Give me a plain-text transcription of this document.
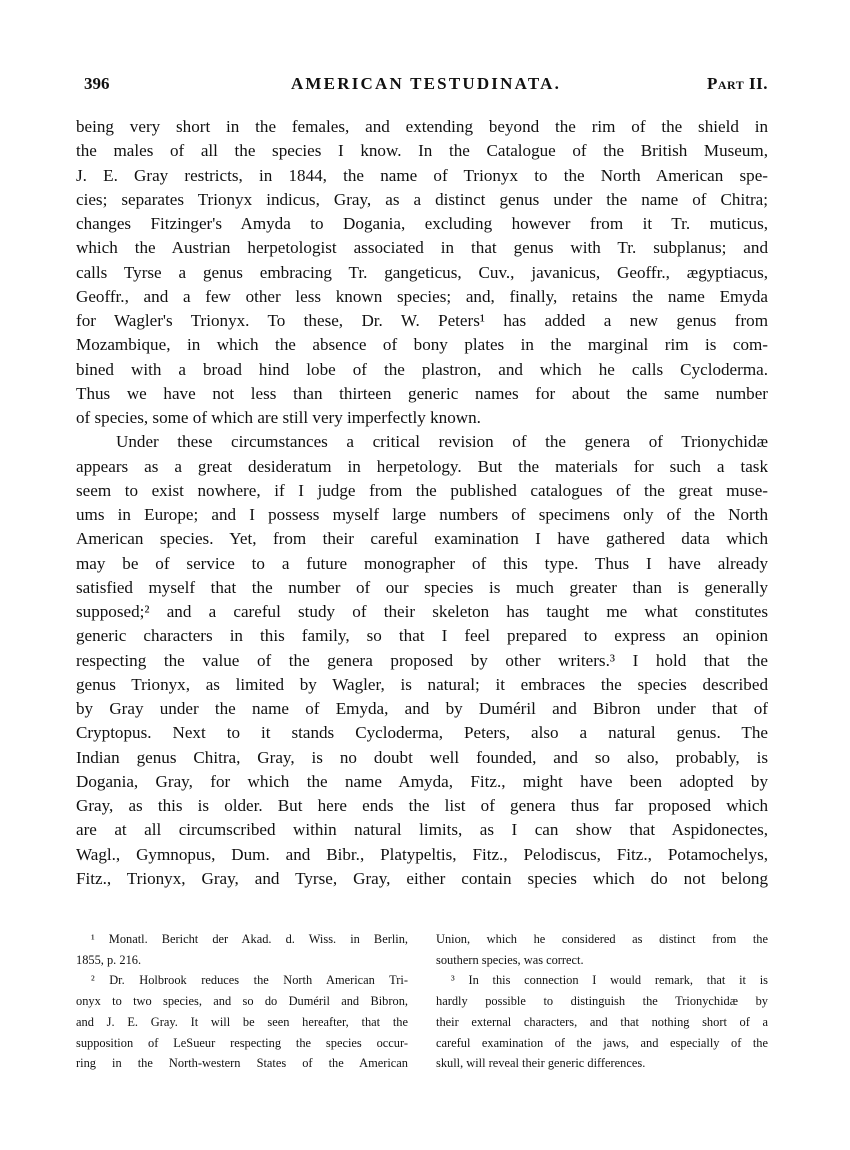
396	AMERICAN TESTUDINATA.	Part II.
being very short in the females, and extending beyond the rim of the shield in
the males of all the species I know. In the Catalogue of the British Museum,
J. E. Gray restricts, in 1844, the name of Trionyx to the North American spe-
cies; separates Trionyx indicus, Gray, as a distinct genus under the name of Chitra;
changes Fitzinger's Amyda to Dogania, excluding however from it Tr. muticus,
which the Austrian herpetologist associated in that genus with Tr. subplanus; and
calls Tyrse a genus embracing Tr. gangeticus, Cuv., javanicus, Geoffr., ægyptiacus,
Geoffr., and a few other less known species; and, finally, retains the name Emyda
for Wagler's Trionyx. To these, Dr. W. Peters¹ has added a new genus from
Mozambique, in which the absence of bony plates in the marginal rim is com-
bined with a broad hind lobe of the plastron, and which he calls Cycloderma.
Thus we have not less than thirteen generic names for about the same number
of species, some of which are still very imperfectly known.
Under these circumstances a critical revision of the genera of Trionychidæ
appears as a great desideratum in herpetology. But the materials for such a task
seem to exist nowhere, if I judge from the published catalogues of the great muse-
ums in Europe; and I possess myself large numbers of specimens only of the North
American species. Yet, from their careful examination I have gathered data which
may be of service to a future monographer of this type. Thus I have already
satisfied myself that the number of our species is much greater than is generally
supposed;² and a careful study of their skeleton has taught me what constitutes
generic characters in this family, so that I feel prepared to express an opinion
respecting the value of the genera proposed by other writers.³ I hold that the
genus Trionyx, as limited by Wagler, is natural; it embraces the species described
by Gray under the name of Emyda, and by Duméril and Bibron under that of
Cryptopus. Next to it stands Cycloderma, Peters, also a natural genus. The
Indian genus Chitra, Gray, is no doubt well founded, and so also, probably, is
Dogania, Gray, for which the name Amyda, Fitz., might have been adopted by
Gray, as this is older. But here ends the list of genera thus far proposed which
are at all circumscribed within natural limits, as I can show that Aspidonectes,
Wagl., Gymnopus, Dum. and Bibr., Platypeltis, Fitz., Pelodiscus, Fitz., Potamochelys,
Fitz., Trionyx, Gray, and Tyrse, Gray, either contain species which do not belong
¹ Monatl. Bericht der Akad. d. Wiss. in Berlin,
1855, p. 216.
² Dr. Holbrook reduces the North American Tri-
onyx to two species, and so do Duméril and Bibron,
and J. E. Gray. It will be seen hereafter, that the
supposition of LeSueur respecting the species occur-
ring in the North-western States of the American
Union, which he considered as distinct from the
southern species, was correct.
³ In this connection I would remark, that it is
hardly possible to distinguish the Trionychidæ by
their external characters, and that nothing short of a
careful examination of the jaws, and especially of the
skull, will reveal their generic differences.
